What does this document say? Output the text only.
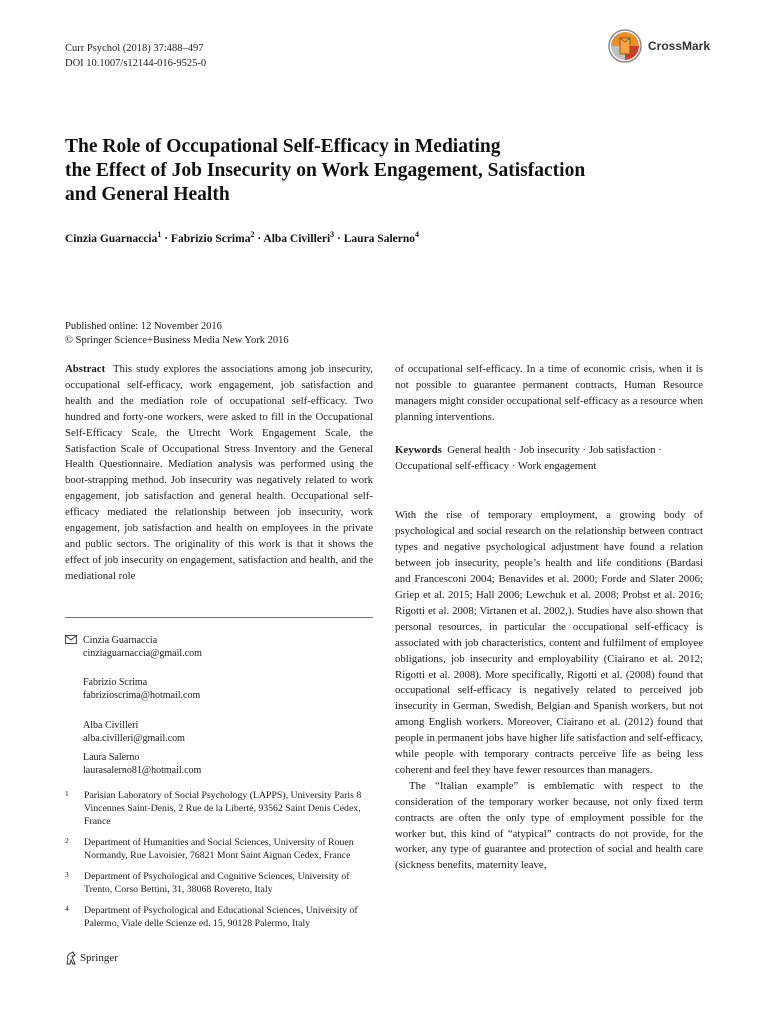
Curr Psychol (2018) 37:488–497
DOI 10.1007/s12144-016-9525-0
CrossMark
The Role of Occupational Self-Efficacy in Mediating
the Effect of Job Insecurity on Work Engagement, Satisfaction
and General Health
Cinzia Guarnaccia$^1$ · Fabrizio Scrima$^2$ · Alba Civilleri$^3$ · Laura Salerno$^4$
Published online: 12 November 2016
© Springer Science+Business Media New York 2016

Abstract This study explores the associations among job insecurity, occupational self-efficacy, work engagement, job satisfaction and health and the mediation role of occupational self-efficacy. Two hundred and forty-one workers, were asked to fill in the Occupational Self-Efficacy Scale, the Utrecht Work Engagement Scale, the Satisfaction Scale of Occupational Stress Inventory and the General Health Questionnaire. Mediation analysis was performed using the boot-strapping method. Job insecurity was negatively related to work engagement, job satisfaction and general health. Occupational self-efficacy mediated the relationship between job insecurity, work engagement, job satisfaction and health on employees in the private and public sectors. The originality of this work is that it shows the effect of job insecurity on engagement, satisfaction and health, and the mediational role

of occupational self-efficacy. In a time of economic crisis, when it is not possible to guarantee permanent contracts, Human Resource managers might consider occupational self-efficacy as a resource when planning interventions.

Keywords General health · Job insecurity · Job satisfaction · Occupational self-efficacy · Work engagement

With the rise of temporary employment, a growing body of psychological and social research on the relationship between contract types and negative psychological adjustment have found a relation between job insecurity, people’s health and life conditions (Bardasi and Francesconi 2004; Benavides et al. 2000; Forde and Slater 2006; Griep et al. 2015; Hall 2006; Lewchuk et al. 2008; Probst et al. 2016; Rigotti et al. 2008; Virtanen et al. 2002,). Studies have also shown that personal resources, in particular the occupational self-efficacy is associated with job characteristics, content and fulfilment of employee obligations, job insecurity and employability (Ciairano et al. 2012; Rigotti et al. 2008). More specifically, Rigotti et al. (2008) found that occupational self-efficacy is negatively related to perceived job insecurity in German, Swedish, Belgian and Spanish workers, but not among English workers. Moreover, Ciairano et al. (2012) found that people in permanent jobs have higher life satisfaction and self-efficacy, while people with temporary contracts perceive life as being less coherent and feel they have fewer resources than managers.

The “Italian example” is emblematic with respect to the consideration of the temporary worker because, not only fixed term contracts are often the only type of employment possible for the worker but, this kind of “atypical” contracts do not provide, for the worker, any type of guarantee and protection of social and health care (sickness benefits, maternity leave,

Cinzia Guarnaccia
cinziaguarnaccia@gmail.com
Fabrizio Scrima
fabrizioscrima@hotmail.com
Alba Civilleri
alba.civilleri@gmail.com
Laura Salerno
laurasalerno81@hotmail.com
1 Parisian Laboratory of Social Psychology (LAPPS), University Paris 8 Vincennes Saint-Denis, 2 Rue de la Liberté, 93562 Saint Denis Cedex, France
2 Department of Humanities and Social Sciences, University of Rouen Normandy, Rue Lavoisier, 76821 Mont Saint Aignan Cedex, France
3 Department of Psychological and Cognitive Sciences, University of Trento, Corso Bettini, 31, 38068 Rovereto, Italy
4 Department of Psychological and Educational Sciences, University of Palermo, Viale delle Scienze ed. 15, 90128 Palermo, Italy
Springer
